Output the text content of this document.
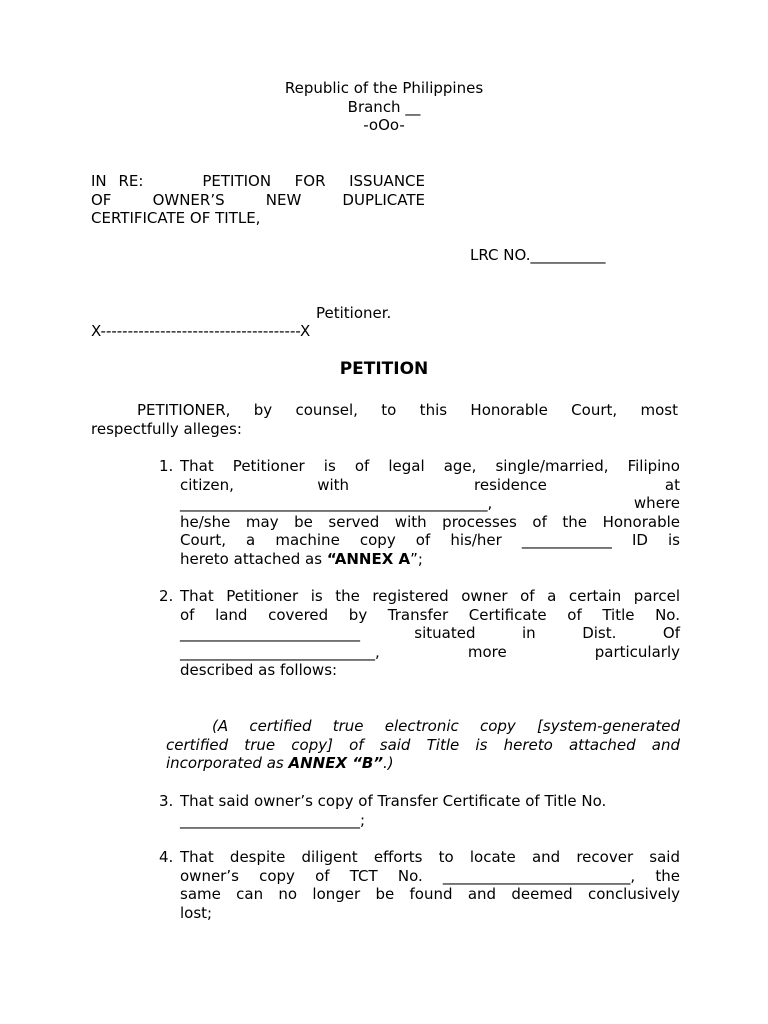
Republic of the Philippines
Branch __
-oOo-
IN RE:     PETITION  FOR  ISSUANCE
OF  OWNER’S  NEW  DUPLICATE
CERTIFICATE OF TITLE,
LRC NO.__________
Petitioner.
X-------------------------------------X
PETITION
PETITIONER, by counsel, to this Honorable Court, most
respectfully alleges:
1. That Petitioner is of legal age, single/married, Filipino
citizen,            with                  residence                 at
_________________________________________,    where
he/she may be served with processes of the Honorable
Court, a machine copy of his/her ____________ ID is
hereto attached as “ANNEX A”;
2. That Petitioner is the registered owner of a certain parcel
of land covered by Transfer Certificate of Title No.
________________________       situated      in      Dist.      Of
__________________________,      more      particularly
described as follows:
(A certified true electronic copy [system-generated
certified true copy] of said Title is hereto attached and
incorporated as ANNEX “B”.)
3. That said owner’s copy of Transfer Certificate of Title No.
________________________;
4. That despite diligent efforts to locate and recover said
owner’s copy of TCT No. _________________________, the
same can no longer be found and deemed conclusively
lost;
